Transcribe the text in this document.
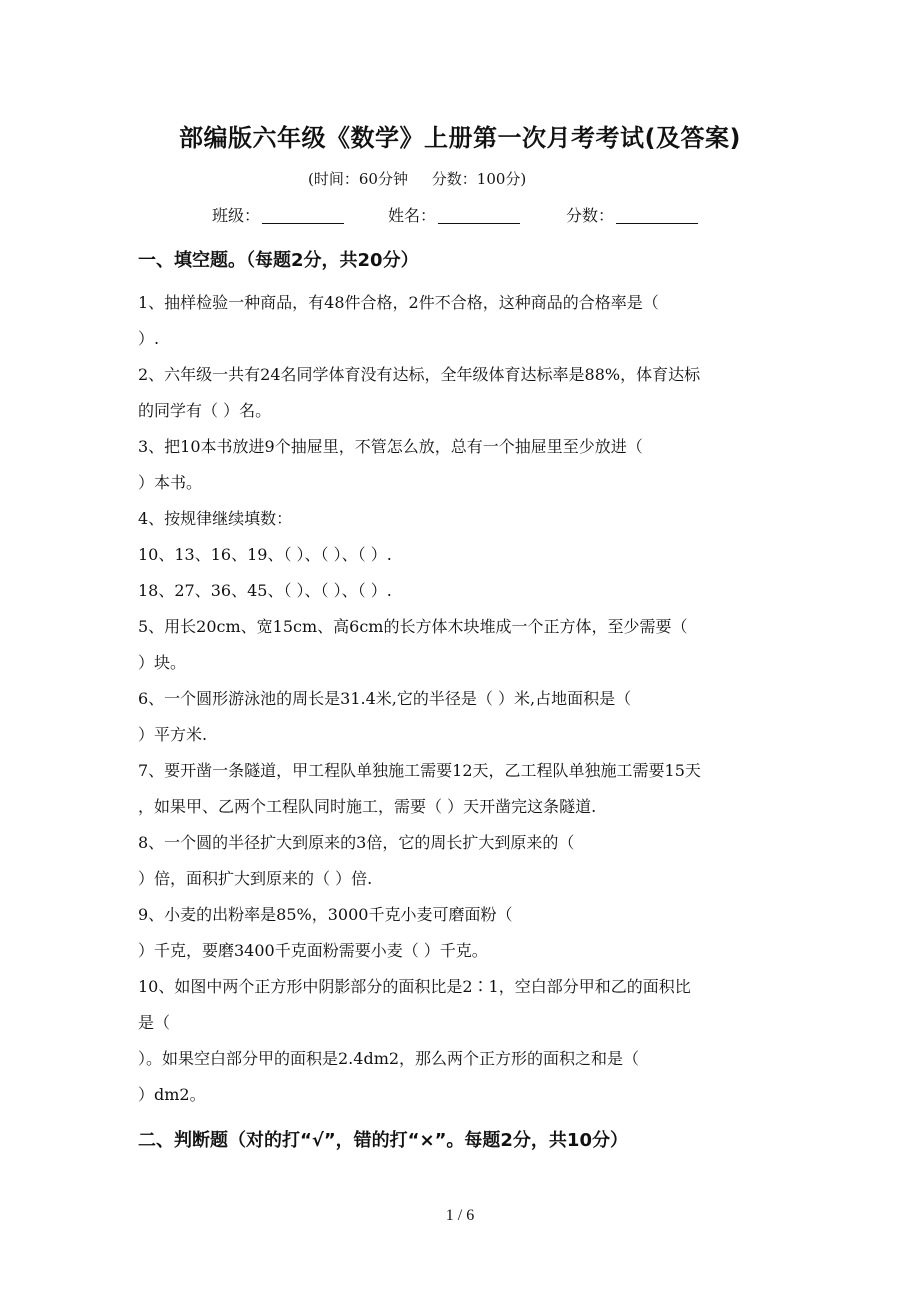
部编版六年级《数学》上册第一次月考考试(及答案)
(时间：60分钟     分数：100分)
班级：	姓名：	分数：
一、填空题。（每题2分，共20分）
1、抽样检验一种商品，有48件合格，2件不合格，这种商品的合格率是（
）.
2、六年级一共有24名同学体育没有达标，全年级体育达标率是88%，体育达标
的同学有（ ）名。
3、把10本书放进9个抽屉里，不管怎么放，总有一个抽屉里至少放进（
）本书。
4、按规律继续填数：
10、13、16、19、（ ）、（ ）、（ ）.
18、27、36、45、（ ）、（ ）、（ ）.
5、用长20cm、宽15cm、高6cm的长方体木块堆成一个正方体，至少需要（
）块。
6、一个圆形游泳池的周长是31.4米,它的半径是（ ）米,占地面积是（
）平方米.
7、要开凿一条隧道，甲工程队单独施工需要12天，乙工程队单独施工需要15天
，如果甲、乙两个工程队同时施工，需要（ ）天开凿完这条隧道.
8、一个圆的半径扩大到原来的3倍，它的周长扩大到原来的（
）倍，面积扩大到原来的（ ）倍.
9、小麦的出粉率是85%，3000千克小麦可磨面粉（
）千克，要磨3400千克面粉需要小麦（ ）千克。
10、如图中两个正方形中阴影部分的面积比是2∶1，空白部分甲和乙的面积比
是（
）。如果空白部分甲的面积是2.4dm2，那么两个正方形的面积之和是（
）dm2。
二、判断题（对的打“√”，错的打“×”。每题2分，共10分）
1 / 6
